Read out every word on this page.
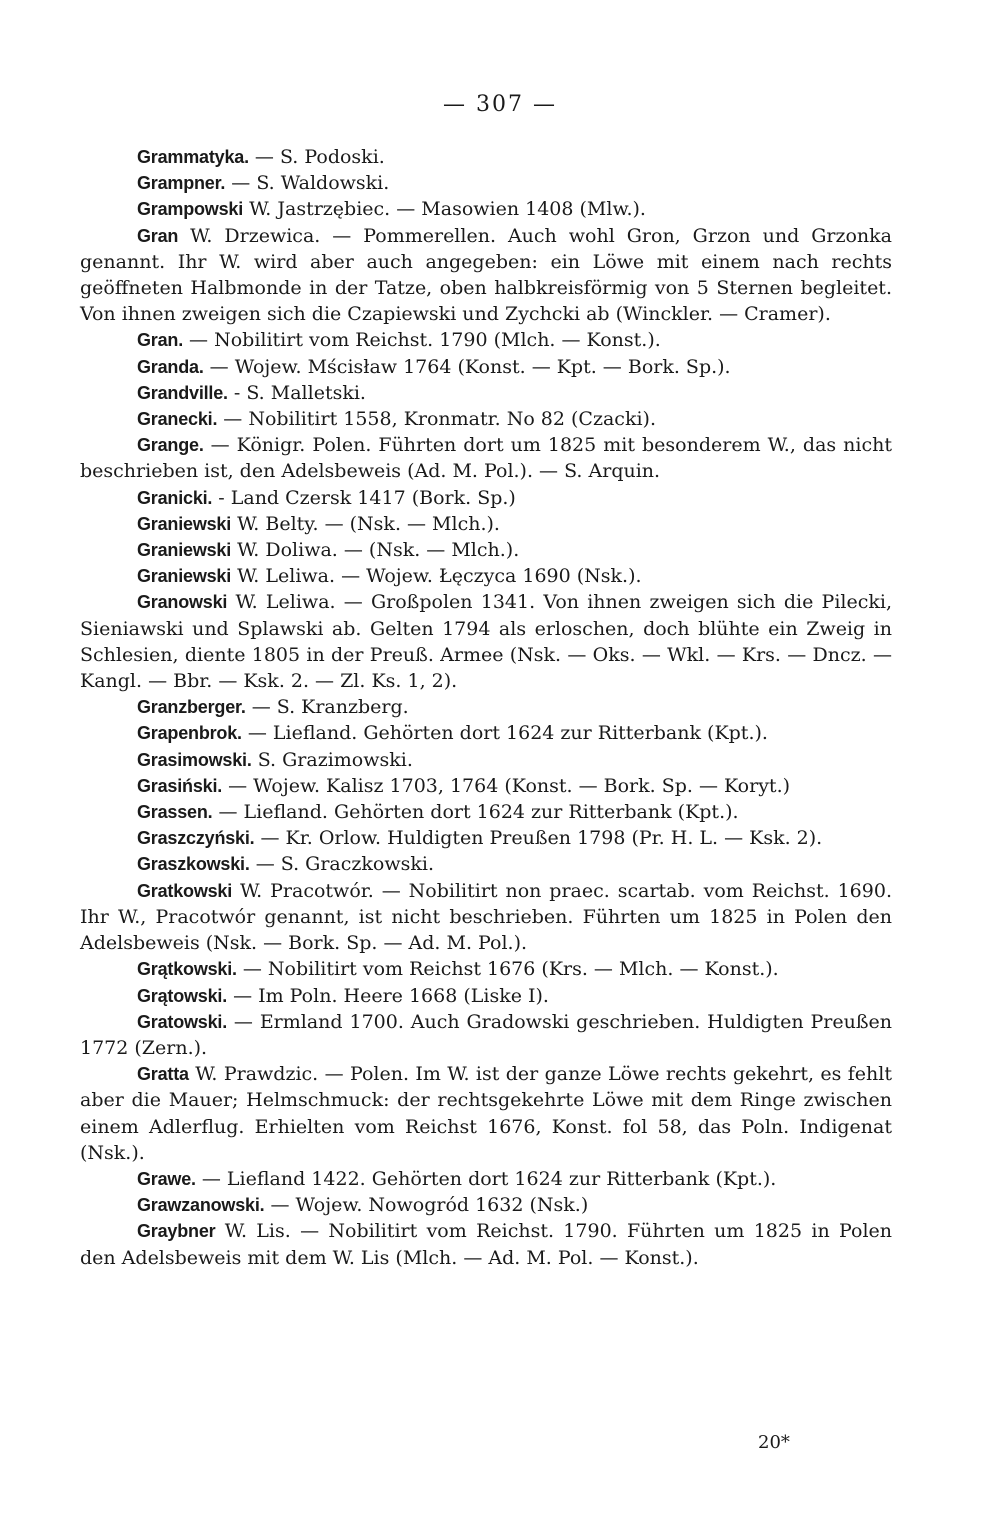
— 307 —

Grammatyka. — S. Podoski.

Grampner. — S. Waldowski.

Grampowski W. Jastrzębiec. — Masowien 1408 (Mlw.).

Gran W. Drzewica. — Pommerellen. Auch wohl Gron, Grzon und Grzonka genannt. Ihr W. wird aber auch angegeben: ein Löwe mit einem nach rechts geöffneten Halbmonde in der Tatze, oben halbkreisförmig von 5 Sternen begleitet. Von ihnen zweigen sich die Czapiewski und Zychcki ab (Winckler. — Cramer).

Gran. — Nobilitirt vom Reichst. 1790 (Mlch. — Konst.).

Granda. — Wojew. Mścisław 1764 (Konst. — Kpt. — Bork. Sp.).

Grandville. - S. Malletski.

Granecki. — Nobilitirt 1558, Kronmatr. No 82 (Czacki).

Grange. — Königr. Polen. Führten dort um 1825 mit besonderem W., das nicht beschrieben ist, den Adelsbeweis (Ad. M. Pol.). — S. Arquin.

Granicki. - Land Czersk 1417 (Bork. Sp.)

Graniewski W. Belty. — (Nsk. — Mlch.).

Graniewski W. Doliwa. — (Nsk. — Mlch.).

Graniewski W. Leliwa. — Wojew. Łęczyca 1690 (Nsk.).

Granowski W. Leliwa. — Großpolen 1341. Von ihnen zweigen sich die Pilecki, Sieniawski und Splawski ab. Gelten 1794 als erloschen, doch blühte ein Zweig in Schlesien, diente 1805 in der Preuß. Armee (Nsk. — Oks. — Wkl. — Krs. — Dncz. — Kangl. — Bbr. — Ksk. 2. — Zl. Ks. 1, 2).

Granzberger. — S. Kranzberg.

Grapenbrok. — Liefland. Gehörten dort 1624 zur Ritterbank (Kpt.).

Grasimowski. S. Grazimowski.

Grasiński. — Wojew. Kalisz 1703, 1764 (Konst. — Bork. Sp. — Koryt.)

Grassen. — Liefland. Gehörten dort 1624 zur Ritterbank (Kpt.).

Graszczyński. — Kr. Orlow. Huldigten Preußen 1798 (Pr. H. L. — Ksk. 2).

Graszkowski. — S. Graczkowski.

Gratkowski W. Pracotwór. — Nobilitirt non praec. scartab. vom Reichst. 1690. Ihr W., Pracotwór genannt, ist nicht beschrieben. Führten um 1825 in Polen den Adelsbeweis (Nsk. — Bork. Sp. — Ad. M. Pol.).

Grątkowski. — Nobilitirt vom Reichst 1676 (Krs. — Mlch. — Konst.).

Grątowski. — Im Poln. Heere 1668 (Liske I).

Gratowski. — Ermland 1700. Auch Gradowski geschrieben. Huldigten Preußen 1772 (Zern.).

Gratta W. Prawdzic. — Polen. Im W. ist der ganze Löwe rechts gekehrt, es fehlt aber die Mauer; Helmschmuck: der rechtsgekehrte Löwe mit dem Ringe zwischen einem Adlerflug. Erhielten vom Reichst 1676, Konst. fol 58, das Poln. Indigenat (Nsk.).

Grawe. — Liefland 1422. Gehörten dort 1624 zur Ritterbank (Kpt.).

Grawzanowski. — Wojew. Nowogród 1632 (Nsk.)

Graybner W. Lis. — Nobilitirt vom Reichst. 1790. Führten um 1825 in Polen den Adelsbeweis mit dem W. Lis (Mlch. — Ad. M. Pol. — Konst.).

20*
